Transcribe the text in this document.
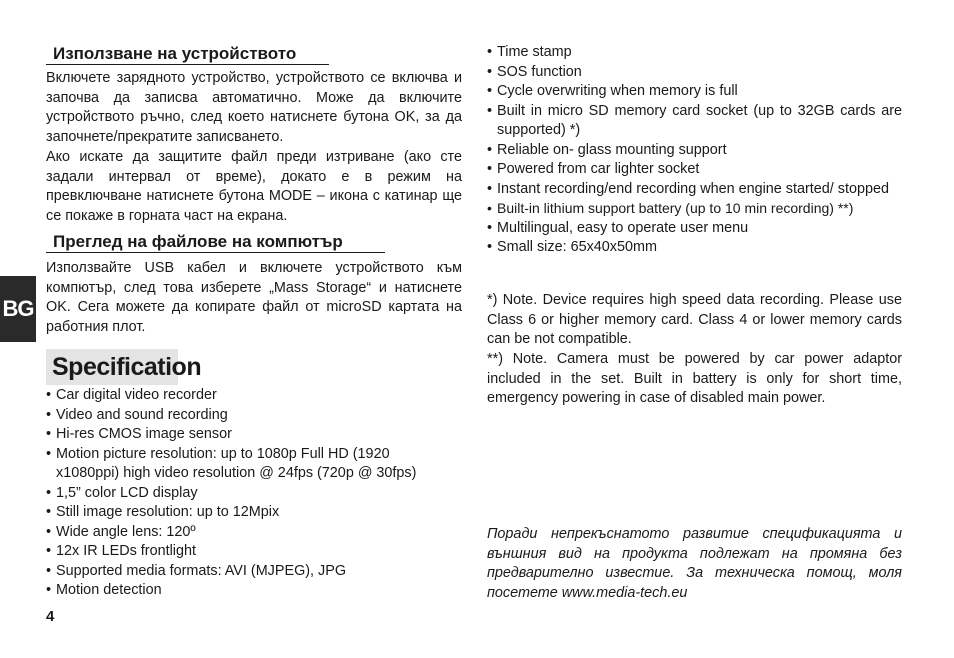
BG
Използване на устройството

Включете зарядното устройство, устройството се включва и започва да записва автоматично. Може да включите устройството ръчно, след което натиснете бутона OK, за да започнете/прекратите записването.

Ако искате да защитите файл преди изтриване (ако сте задали интервал от време), докато е в режим на превключване натиснете бутона MODE – икона с катинар ще се покаже в горната част на екрана.

Преглед на файлове на компютър

Използвайте USB кабел и включете устройството към компютър, след това изберете „Mass Storage“ и натиснете OK. Сега можете да копирате файл от microSD картата на работния плот.

Specification
• Car digital video recorder
• Video and sound recording
• Hi-res CMOS image sensor
• Motion picture resolution: up to 1080p Full HD (1920 x1080ppi) high video resolution @ 24fps (720p @ 30fps)
• 1,5” color LCD display
• Still image resolution: up to 12Mpix
• Wide angle lens: 120º
• 12x IR LEDs frontlight
• Supported media formats: AVI (MJPEG), JPG
• Motion detection
4
• Time stamp
• SOS function
• Cycle overwriting when memory is full
• Built in micro SD memory card socket (up to 32GB cards are supported) *)
• Reliable on- glass mounting support
• Powered from car lighter socket
• Instant recording/end recording when engine started/ stopped
• Built-in lithium support battery (up to 10 min recording) **)
• Multilingual, easy to operate user menu
• Small size: 65x40x50mm

*) Note. Device requires high speed data recording. Please use Class 6 or higher memory card. Class 4 or lower memory cards can be not compatible.

**) Note. Camera must be powered by car power adaptor included in the set. Built in battery is only for short time, emergency powering in case of disabled main power.

Поради непрекъснатото развитие спецификацията и външния вид на продукта подлежат на промяна без предварително известие. За техническа помощ, моля посетете www.media-tech.eu
